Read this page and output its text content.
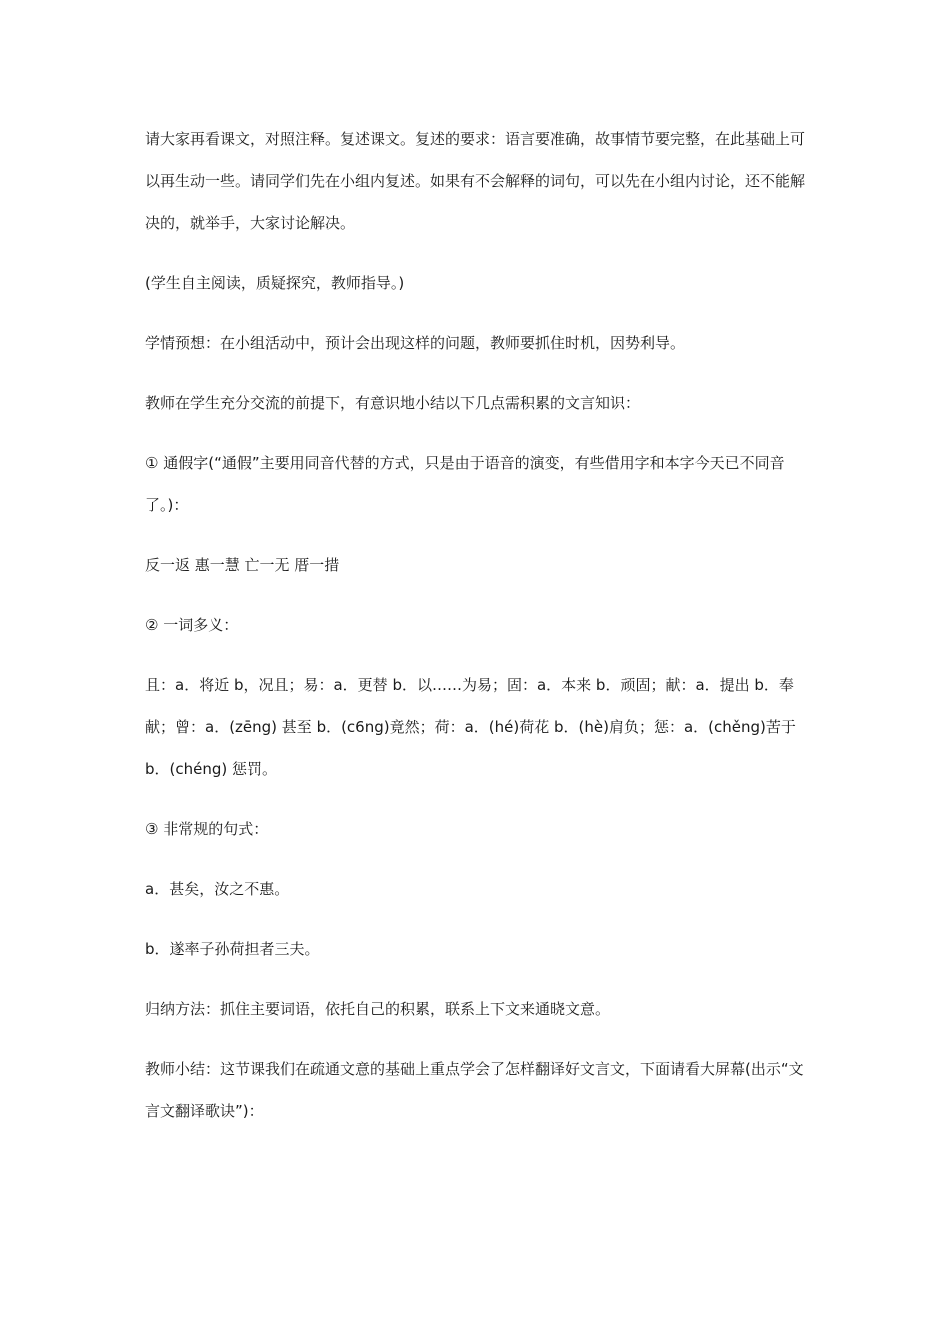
请大家再看课文，对照注释。复述课文。复述的要求：语言要准确，故事情节要完整，在此基础上可以再生动一些。请同学们先在小组内复述。如果有不会解释的词句，可以先在小组内讨论，还不能解决的，就举手，大家讨论解决。

(学生自主阅读，质疑探究，教师指导。)

学情预想：在小组活动中，预计会出现这样的问题，教师要抓住时机，因势利导。

教师在学生充分交流的前提下，有意识地小结以下几点需积累的文言知识：

① 通假字(“通假”主要用同音代替的方式，只是由于语音的演变，有些借用字和本字今天已不同音了。)：

反一返 惠一慧 亡一无 厝一措

② 一词多义：

且：a．将近 b，况且；易：a．更替 b．以……为易；固：a．本来 b．顽固；献：a．提出 b．奉献；曾：a．(zēng) 甚至 b．(c6ng)竟然；荷：a．(hé)荷花 b．(hè)肩负；惩：a．(chěng)苦于 b．(chéng) 惩罚。

③ 非常规的句式：

a．甚矣，汝之不惠。

b．遂率子孙荷担者三夫。

归纳方法：抓住主要词语，依托自己的积累，联系上下文来通晓文意。

教师小结：这节课我们在疏通文意的基础上重点学会了怎样翻译好文言文，下面请看大屏幕(出示“文言文翻译歌诀”)：
